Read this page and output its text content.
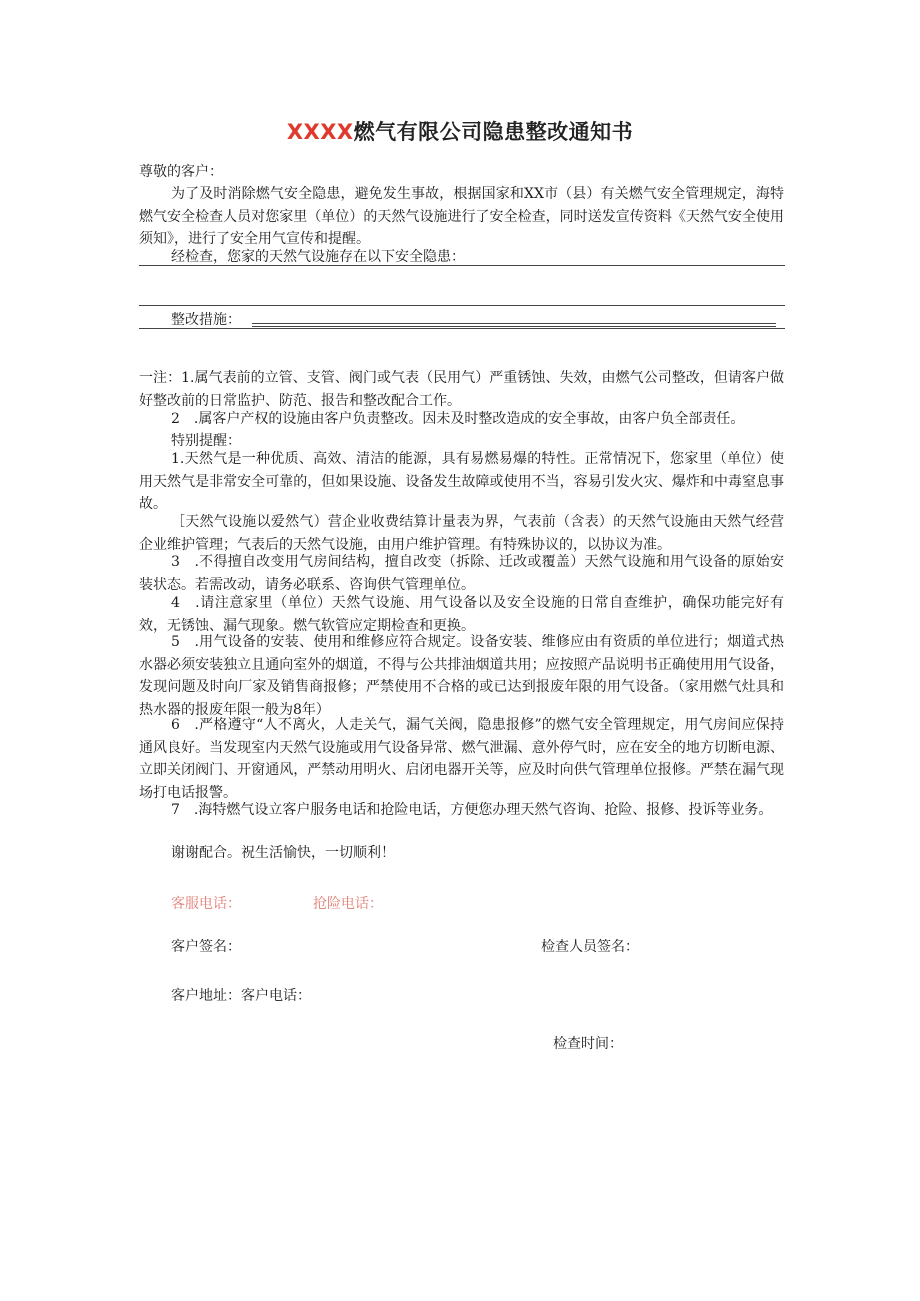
XXXX燃气有限公司隐患整改通知书
尊敬的客户：
为了及时消除燃气安全隐患，避免发生事故，根据国家和XX市（县）有关燃气安全管理规定，海特燃气安全检查人员对您家里（单位）的天然气设施进行了安全检查，同时送发宣传资料《天然气安全使用须知》，进行了安全用气宣传和提醒。
经检查，您家的天然气设施存在以下安全隐患：
整改措施：
一注：1.属气表前的立管、支管、阀门或气表（民用气）严重锈蚀、失效，由燃气公司整改，但请客户做好整改前的日常监护、防范、报告和整改配合工作。
2　.属客户产权的设施由客户负责整改。因未及时整改造成的安全事故，由客户负全部责任。
特别提醒：
1.天然气是一种优质、高效、清洁的能源，具有易燃易爆的特性。正常情况下，您家里（单位）使用天然气是非常安全可靠的，但如果设施、设备发生故障或使用不当，容易引发火灾、爆炸和中毒窒息事故。
［天然气设施以爱然气）营企业收费结算计量表为界，气表前（含表）的天然气设施由天然气经营企业维护管理；气表后的天然气设施，由用户维护管理。有特殊协议的，以协议为准。
3　.不得擅自改变用气房间结构，擅自改变（拆除、迁改或覆盖）天然气设施和用气设备的原始安装状态。若需改动，请务必联系、咨询供气管理单位。
4　.请注意家里（单位）天然气设施、用气设备以及安全设施的日常自查维护，确保功能完好有效，无锈蚀、漏气现象。燃气软管应定期检查和更换。
5　.用气设备的安装、使用和维修应符合规定。设备安装、维修应由有资质的单位进行；烟道式热水器必须安装独立且通向室外的烟道，不得与公共排油烟道共用；应按照产品说明书正确使用用气设备，发现问题及时向厂家及销售商报修；严禁使用不合格的或已达到报废年限的用气设备。（家用燃气灶具和热水器的报废年限一般为8年）
6　.严格遵守“人不离火，人走关气，漏气关阀，隐患报修”的燃气安全管理规定，用气房间应保持通风良好。当发现室内天然气设施或用气设备异常、燃气泄漏、意外停气时，应在安全的地方切断电源、立即关闭阀门、开窗通风，严禁动用明火、启闭电器开关等，应及时向供气管理单位报修。严禁在漏气现场打电话报警。
7　.海特燃气设立客户服务电话和抢险电话，方便您办理天然气咨询、抢险、报修、投诉等业务。
谢谢配合。祝生活愉快，一切顺利！
客服电话：	抢险电话：
客户签名：	检查人员签名：
客户地址：客户电话：
检查时间：
